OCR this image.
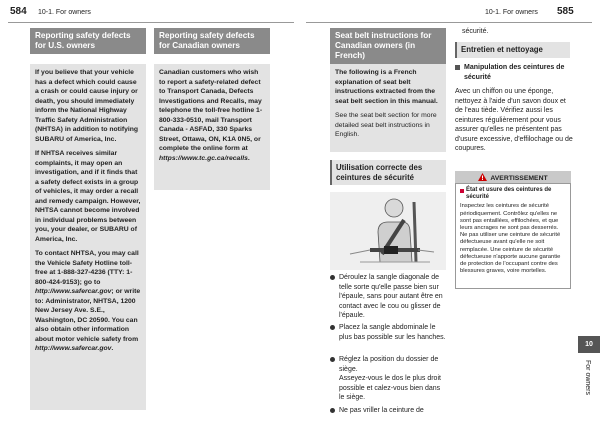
584 10-1. For owners	10-1. For owners 585
Reporting safety defects for U.S. owners

If you believe that your vehicle has a defect which could cause a crash or could cause injury or death, you should immediately inform the National Highway Traffic Safety Administration (NHTSA) in addition to notifying SUBARU of America, Inc.

If NHTSA receives similar complaints, it may open an investigation, and if it finds that a safety defect exists in a group of vehicles, it may order a recall and remedy campaign. However, NHTSA cannot become involved in individual problems between you, your dealer, or SUBARU of America, Inc.

To contact NHTSA, you may call the Vehicle Safety Hotline toll-free at 1-888-327-4236 (TTY: 1-800-424-9153); go to http://www.safercar.gov; or write to: Administrator, NHTSA, 1200 New Jersey Ave. S.E., Washington, DC 20590. You can also obtain other information about motor vehicle safety from http://www.safercar.gov.

Reporting safety defects for Canadian owners

Canadian customers who wish to report a safety-related defect to Transport Canada, Defects Investigations and Recalls, may telephone the toll-free hotline 1-800-333-0510, mail Transport Canada - ASFAD, 330 Sparks Street, Ottawa, ON, K1A 0N5, or complete the online form at https://www.tc.gc.ca/recalls.

Seat belt instructions for Canadian owners (in French)

The following is a French explanation of seat belt instructions extracted from the seat belt section in this manual.

See the seat belt section for more detailed seat belt instructions in English.

Utilisation correcte des ceintures de sécurité
Déroulez la sangle diagonale de telle sorte qu'elle passe bien sur l'épaule, sans pour autant être en contact avec le cou ou glisser de l'épaule.
Placez la sangle abdominale le plus bas possible sur les hanches.
Réglez la position du dossier de siège.
Asseyez-vous le dos le plus droit possible et calez-vous bien dans le siège.
Ne pas vriller la ceinture de
sécurité.
Entretien et nettoyage
Manipulation des ceintures de sécurité
Avec un chiffon ou une éponge, nettoyez à l'aide d'un savon doux et de l'eau tiède. Vérifiez aussi les ceintures régulièrement pour vous assurer qu'elles ne présentent pas d'usure excessive, d'effilochage ou de coupures.
AVERTISSEMENT
État et usure des ceintures de sécurité
Inspectez les ceintures de sécurité périodiquement. Contrôlez qu'elles ne sont pas entaillées, effilochées, et que leurs ancrages ne sont pas desserrés. Ne pas utiliser une ceinture de sécurité défectueuse avant qu'elle ne soit remplacée. Une ceinture de sécurité défectueuse n'apporte aucune garantie de protection de l'occupant contre des blessures graves, voire mortelles.
10
For owners
